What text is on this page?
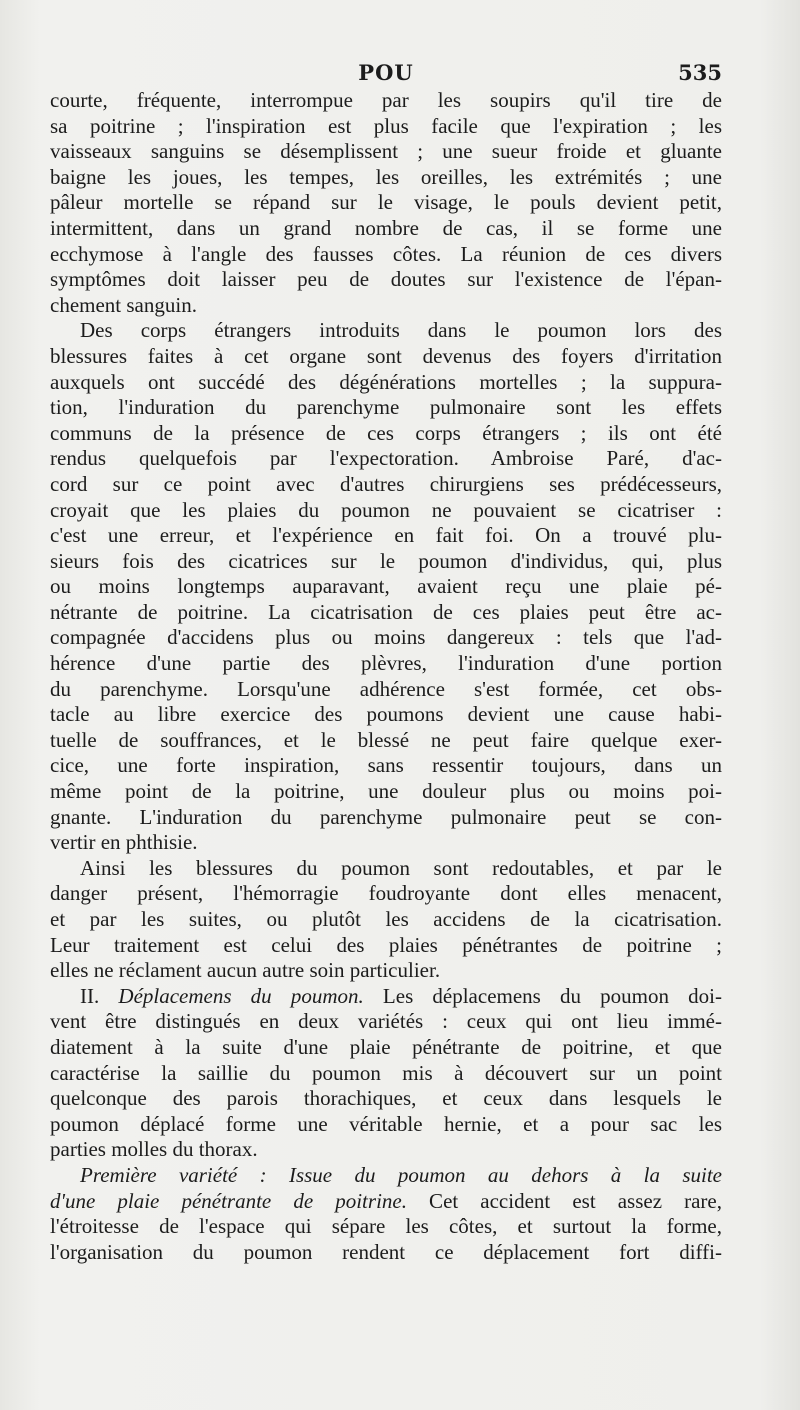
POU	535

courte, fréquente, interrompue par les soupirs qu'il tire de
sa poitrine ; l'inspiration est plus facile que l'expiration ; les
vaisseaux sanguins se désemplissent ; une sueur froide et gluante
baigne les joues, les tempes, les oreilles, les extrémités ; une
pâleur mortelle se répand sur le visage, le pouls devient petit,
intermittent, dans un grand nombre de cas, il se forme une
ecchymose à l'angle des fausses côtes. La réunion de ces divers
symptômes doit laisser peu de doutes sur l'existence de l'épan-
chement sanguin.

Des corps étrangers introduits dans le poumon lors des
blessures faites à cet organe sont devenus des foyers d'irritation
auxquels ont succédé des dégénérations mortelles ; la suppura-
tion, l'induration du parenchyme pulmonaire sont les effets
communs de la présence de ces corps étrangers ; ils ont été
rendus quelquefois par l'expectoration. Ambroise Paré, d'ac-
cord sur ce point avec d'autres chirurgiens ses prédécesseurs,
croyait que les plaies du poumon ne pouvaient se cicatriser :
c'est une erreur, et l'expérience en fait foi. On a trouvé plu-
sieurs fois des cicatrices sur le poumon d'individus, qui, plus
ou moins longtemps auparavant, avaient reçu une plaie pé-
nétrante de poitrine. La cicatrisation de ces plaies peut être ac-
compagnée d'accidens plus ou moins dangereux : tels que l'ad-
hérence d'une partie des plèvres, l'induration d'une portion
du parenchyme. Lorsqu'une adhérence s'est formée, cet obs-
tacle au libre exercice des poumons devient une cause habi-
tuelle de souffrances, et le blessé ne peut faire quelque exer-
cice, une forte inspiration, sans ressentir toujours, dans un
même point de la poitrine, une douleur plus ou moins poi-
gnante. L'induration du parenchyme pulmonaire peut se con-
vertir en phthisie.

Ainsi les blessures du poumon sont redoutables, et par le
danger présent, l'hémorragie foudroyante dont elles menacent,
et par les suites, ou plutôt les accidens de la cicatrisation.
Leur traitement est celui des plaies pénétrantes de poitrine ;
elles ne réclament aucun autre soin particulier.

II. Déplacemens du poumon. Les déplacemens du poumon doi-
vent être distingués en deux variétés : ceux qui ont lieu immé-
diatement à la suite d'une plaie pénétrante de poitrine, et que
caractérise la saillie du poumon mis à découvert sur un point
quelconque des parois thorachiques, et ceux dans lesquels le
poumon déplacé forme une véritable hernie, et a pour sac les
parties molles du thorax.

Première variété : Issue du poumon au dehors à la suite
d'une plaie pénétrante de poitrine. Cet accident est assez rare,
l'étroitesse de l'espace qui sépare les côtes, et surtout la forme,
l'organisation du poumon rendent ce déplacement fort diffi-
